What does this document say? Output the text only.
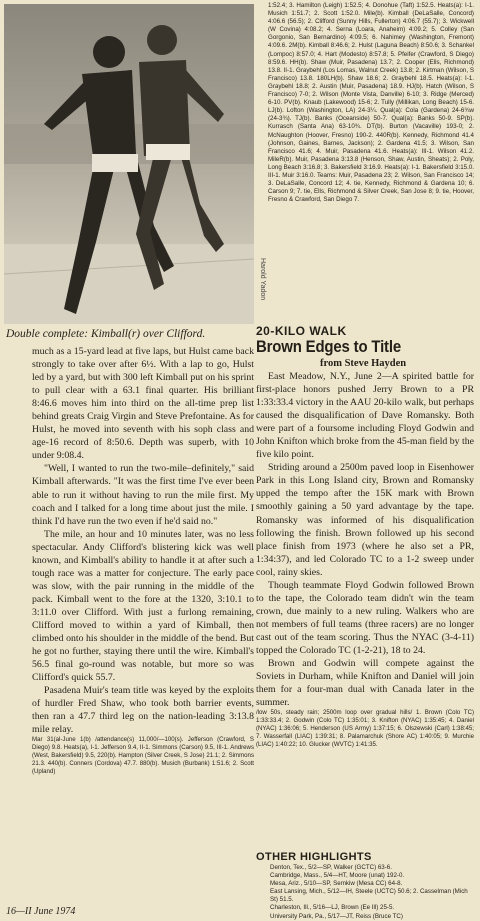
Harold Yadon
Double complete: Kimball(r) over Clifford.

much as a 15-yard lead at five laps, but Hulst came back strongly to take over after 6½. With a lap to go, Hulst led by a yard, but with 300 left Kimball put on his sprint to pull clear with a 63.1 final quarter. His brilliant 8:46.6 moves him into third on the all-time prep list behind greats Craig Virgin and Steve Prefontaine. As for Hulst, he moved into seventh with his soph class and age-16 record of 8:50.6. Depth was superb, with 10 under 9:08.4.

"Well, I wanted to run the two-mile–definitely," said Kimball afterwards. "It was the first time I've ever been able to run it without having to run the mile first. My coach and I talked for a long time about just the mile. I think I'd have run the two even if he'd said no."

The mile, an hour and 10 minutes later, was no less spectacular. Andy Clifford's blistering kick was well known, and Kimball's ability to handle it at after such a tough race was a matter for conjecture. The early pace was slow, with the pair running in the middle of the pack. Kimball went to the fore at the 1320, 3:10.1 to 3:11.0 over Clifford. With just a furlong remaining, Clifford moved to within a yard of Kimball, then climbed onto his shoulder in the middle of the bend. But he got no further, staying there until the wire. Kimball's 56.5 final go-round was notable, but more so was Clifford's quick 55.7.

Pasadena Muir's team title was keyed by the exploits of hurdler Fred Shaw, who took both barrier events, then ran a 47.7 third leg on the nation-leading 3:13.8 mile relay.

Mar 31(al-June 1(b) /attendance(s) 11,000/—100(s). Jefferson (Crawford, S Diego) 9.8. Heats(a), I-1. Jefferson 9.4, II-1. Simmons (Carson) 9.5, III-1. Andrews (West, Bakersfield) 9.5, 220(b). Hampton (Silver Creek, S Jose) 21.1; 2. Simmons 21.3. 440(b). Conners (Cordova) 47.7. 880(b). Musich (Burbank) 1:51.6; 2. Scott (Upland)

1:52.4; 3. Hamilton (Leigh) 1:52.5; 4. Donohue (Taft) 1:52.5. Heats(a): I-1. Musich 1:51.7; 2. Scott 1:52.0. Mile(b). Kimball (DeLaSalle, Concord) 4:06.6 (56.5); 2. Clifford (Sunny Hills, Fullerton) 4:06.7 (55.7); 3. Wickwell (W Covina) 4:08.2; 4. Serna (Loara, Anaheim) 4:09.2; 5. Colley (San Gorgonio, San Bernardino) 4:09.5; 6. Nahimey (Washington, Fremont) 4:09.6. 2M(b). Kimball 8:46.6; 2. Hulst (Laguna Beach) 8:50.6; 3. Schankel (Lompoc) 8:57.0; 4. Hart (Modesto) 8:57.8; 5. Pfeifer (Crawford, S Diego) 8:59.6. HH(b). Shaw (Muir, Pasadena) 13.7; 2. Cooper (Ells, Richmond) 13.8. II-1. Graybehl (Los Lomas, Walnut Creek) 13.8; 2. Kirtman (Wilson, S Francisco) 13.8. 180LH(b). Shaw 18.6; 2. Graybehl 18.5. Heats(a): I-1. Graybehl 18.8; 2. Austin (Muir, Pasadena) 18.9. HJ(b). Hatch (Wilson, S Francisco) 7-0; 2. Wilson (Monte Vista, Danville) 6-10; 3. Ridge (Merced) 6-10. PV(b). Knaub (Lakewood) 15-6; 2. Tully (Millikan, Long Beach) 15-6. LJ(b). Lofton (Washington, LA) 24-3¼. Qual(a): Cola (Gardena) 24-6¾w (24-3¾). TJ(b). Banks (Oceanside) 50-7. Qual(a): Banks 50-9. SP(b). Kurrasch (Santa Ana) 63-10¾. DT(b). Burton (Vacaville) 193-0; 2. McNaughton (Hoover, Fresno) 190-2. 440R(b). Kennedy, Richmond 41.4 (Johnson, Gaines, Barnes, Jackson); 2. Gardena 41.5; 3. Wilson, San Francisco 41.6; 4. Muir, Pasadena 41.6. Heats(a): III-1. Wilson 41.2. MileR(b). Muir, Pasadena 3:13.8 (Henson, Shaw, Austin, Sheats); 2. Poly, Long Beach 3:16.8; 3. Bakersfield 3:16.9. Heats(a): I-1. Bakersfield 3:15.0. III-1. Muir 3:16.0. Teams: Muir, Pasadena 23; 2. Wilson, San Francisco 14; 3. DeLaSalle, Concord 12; 4. tie, Kennedy, Richmond & Gardena 10; 6. Carson 9; 7. tie, Ells, Richmond & Silver Creek, San Jose 8; 9. tie, Hoover, Fresno & Crawford, San Diego 7.

20-KILO WALK
Brown Edges to Title
from Steve Hayden

East Meadow, N.Y., June 2—A spirited battle for first-place honors pushed Jerry Brown to a PR 1:33:33.4 victory in the AAU 20-kilo walk, but perhaps caused the disqualification of Dave Romansky. Both were part of a foursome including Floyd Godwin and John Knifton which broke from the 45-man field by the five kilo point.

Striding around a 2500m paved loop in Eisenhower Park in this Long Island city, Brown and Romansky upped the tempo after the 15K mark with Brown smoothly gaining a 50 yard advantage by the tape. Romansky was informed of his disqualification following the finish. Brown followed up his second place finish from 1973 (where he also set a PR, 1:34:37), and led Colorado TC to a 1-2 sweep under cool, rainy skies.

Though teammate Floyd Godwin followed Brown to the tape, the Colorado team didn't win the team crown, due mainly to a new ruling. Walkers who are not members of full teams (three racers) are no longer cast out of the team scoring. Thus the NYAC (3-4-11) topped the Colorado TC (1-2-21), 18 to 24.

Brown and Godwin will compete against the Soviets in Durham, while Knifton and Daniel will join them for a four-man dual with Canada later in the summer.

/low 50s, steady rain; 2500m loop over gradual hills/ 1. Brown (Colo TC) 1:33:33.4; 2. Godwin (Colo TC) 1:35:01; 3. Knifton (NYAC) 1:35:45; 4. Daniel (NYAC) 1:36:06; 5. Henderson (US Army) 1:37:15; 6. Olszewski (Carl) 1:38:45; 7. Wasserfall (LIAC) 1:39:31; 8. Palamarchuk (Shore AC) 1:40:05; 9. Murchie (LIAC) 1:40:22; 10. Glucker (WVTC) 1:41:35.

OTHER HIGHLIGHTS
Denton, Tex., 5/2—SP, Walker (GCTC) 63-6.
Cambridge, Mass., 5/4—HT, Moore (unat) 192-0.
Mesa, Ariz., 5/10—SP, Semkiw (Mesa CC) 64-8.
East Lansing, Mich., 5/12—IH, Steele (UCTC) 50.6; 2. Casselman (Mich St) 51.5.
Charleston, Ill., 5/16—LJ, Brown (Ee Ill) 25-5.
University Park, Pa., 5/17—JT, Reiss (Bruce TC)
16—II June 1974
